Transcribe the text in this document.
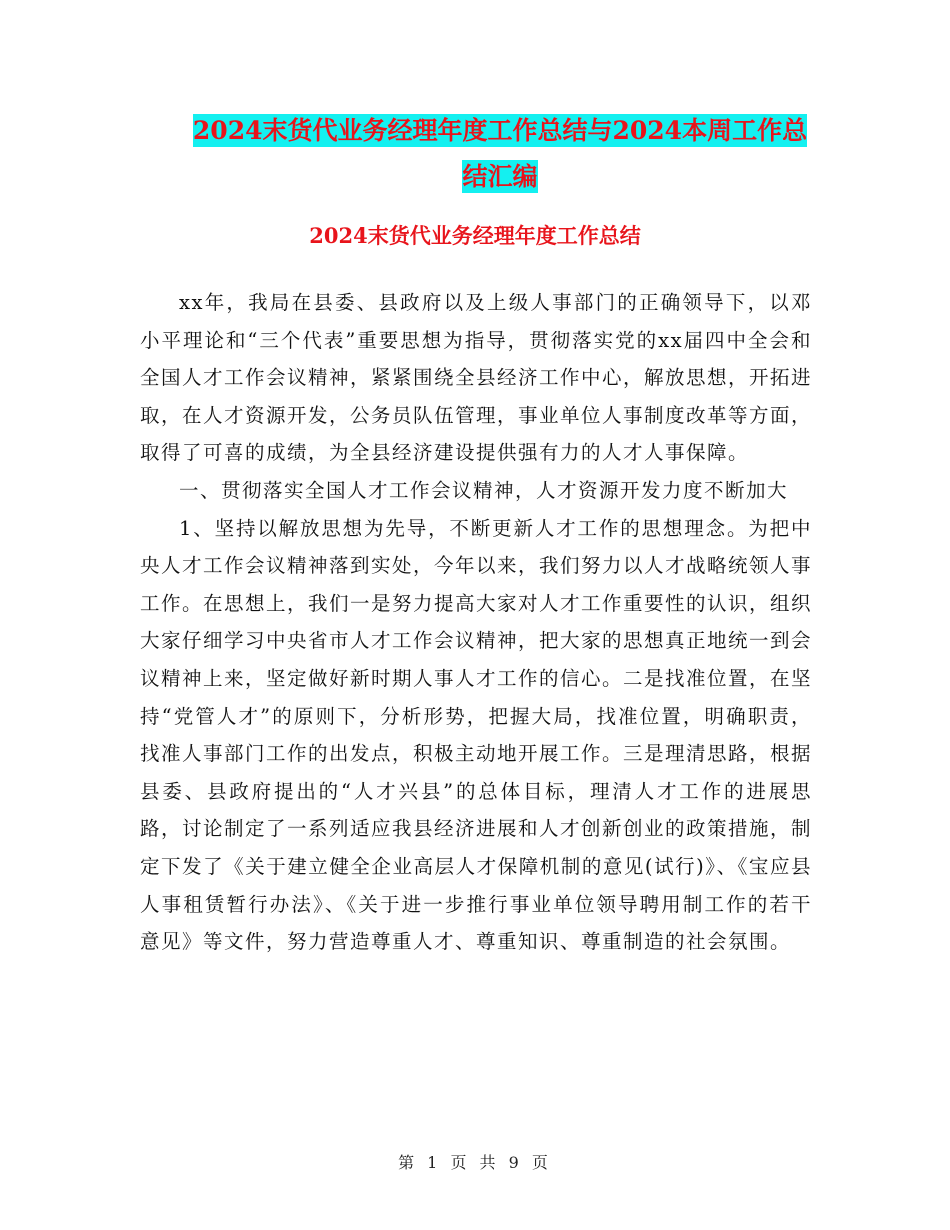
2024末货代业务经理年度工作总结与2024本周工作总
结汇编
2024末货代业务经理年度工作总结

xx年，我局在县委、县政府以及上级人事部门的正确领导下，以邓小平理论和“三个代表”重要思想为指导，贯彻落实党的xx届四中全会和全国人才工作会议精神，紧紧围绕全县经济工作中心，解放思想，开拓进取，在人才资源开发，公务员队伍管理，事业单位人事制度改革等方面，取得了可喜的成绩，为全县经济建设提供强有力的人才人事保障。

一、贯彻落实全国人才工作会议精神，人才资源开发力度不断加大

1、坚持以解放思想为先导，不断更新人才工作的思想理念。为把中央人才工作会议精神落到实处，今年以来，我们努力以人才战略统领人事工作。在思想上，我们一是努力提高大家对人才工作重要性的认识，组织大家仔细学习中央省市人才工作会议精神，把大家的思想真正地统一到会议精神上来，坚定做好新时期人事人才工作的信心。二是找准位置，在坚持“党管人才”的原则下，分析形势，把握大局，找准位置，明确职责，找准人事部门工作的出发点，积极主动地开展工作。三是理清思路，根据县委、县政府提出的“人才兴县”的总体目标，理清人才工作的进展思路，讨论制定了一系列适应我县经济进展和人才创新创业的政策措施，制定下发了《关于建立健全企业高层人才保障机制的意见(试行)》、《宝应县人事租赁暂行办法》、《关于进一步推行事业单位领导聘用制工作的若干意见》等文件，努力营造尊重人才、尊重知识、尊重制造的社会氛围。

第 1 页 共 9 页
